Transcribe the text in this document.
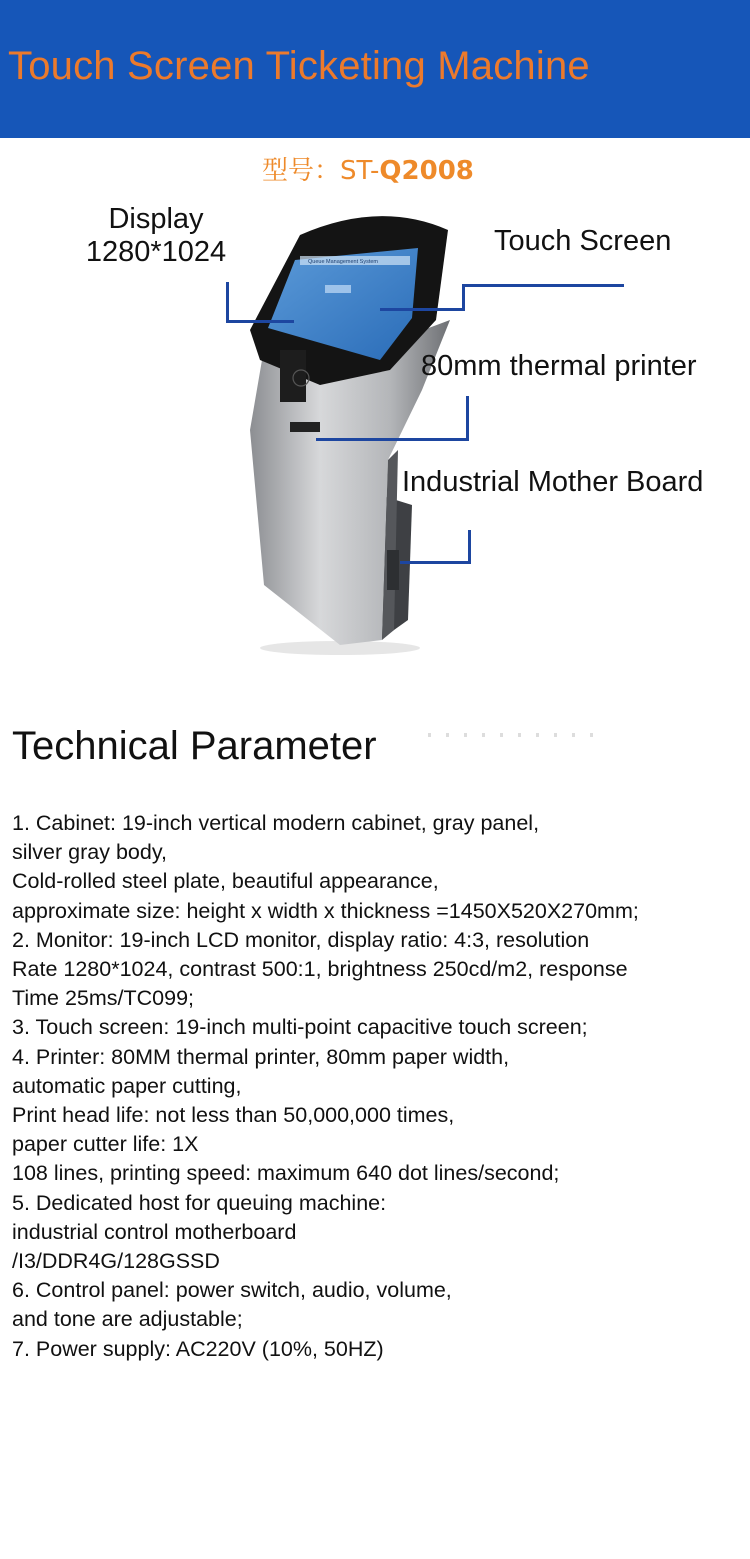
Touch Screen Ticketing Machine
型号：ST-Q2008
Queue Management System
Display
1280*1024	Touch Screen
80mm thermal printer
Industrial Mother Board
Technical Parameter
1. Cabinet: 19-inch vertical modern cabinet, gray panel,
silver gray body,
Cold-rolled steel plate, beautiful appearance,
approximate size: height x width x thickness =1450X520X270mm;
2. Monitor: 19-inch LCD monitor, display ratio: 4:3, resolution
Rate 1280*1024, contrast 500:1, brightness 250cd/m2, response
Time 25ms/TC099;
3. Touch screen: 19-inch multi-point capacitive touch screen;
4. Printer: 80MM thermal printer, 80mm paper width,
automatic paper cutting,
Print head life: not less than 50,000,000 times,
paper cutter life: 1X
108 lines, printing speed: maximum 640 dot lines/second;
5. Dedicated host for queuing machine:
industrial control motherboard
/I3/DDR4G/128GSSD
6. Control panel: power switch, audio, volume,
and tone are adjustable;
7. Power supply: AC220V (10%, 50HZ)
